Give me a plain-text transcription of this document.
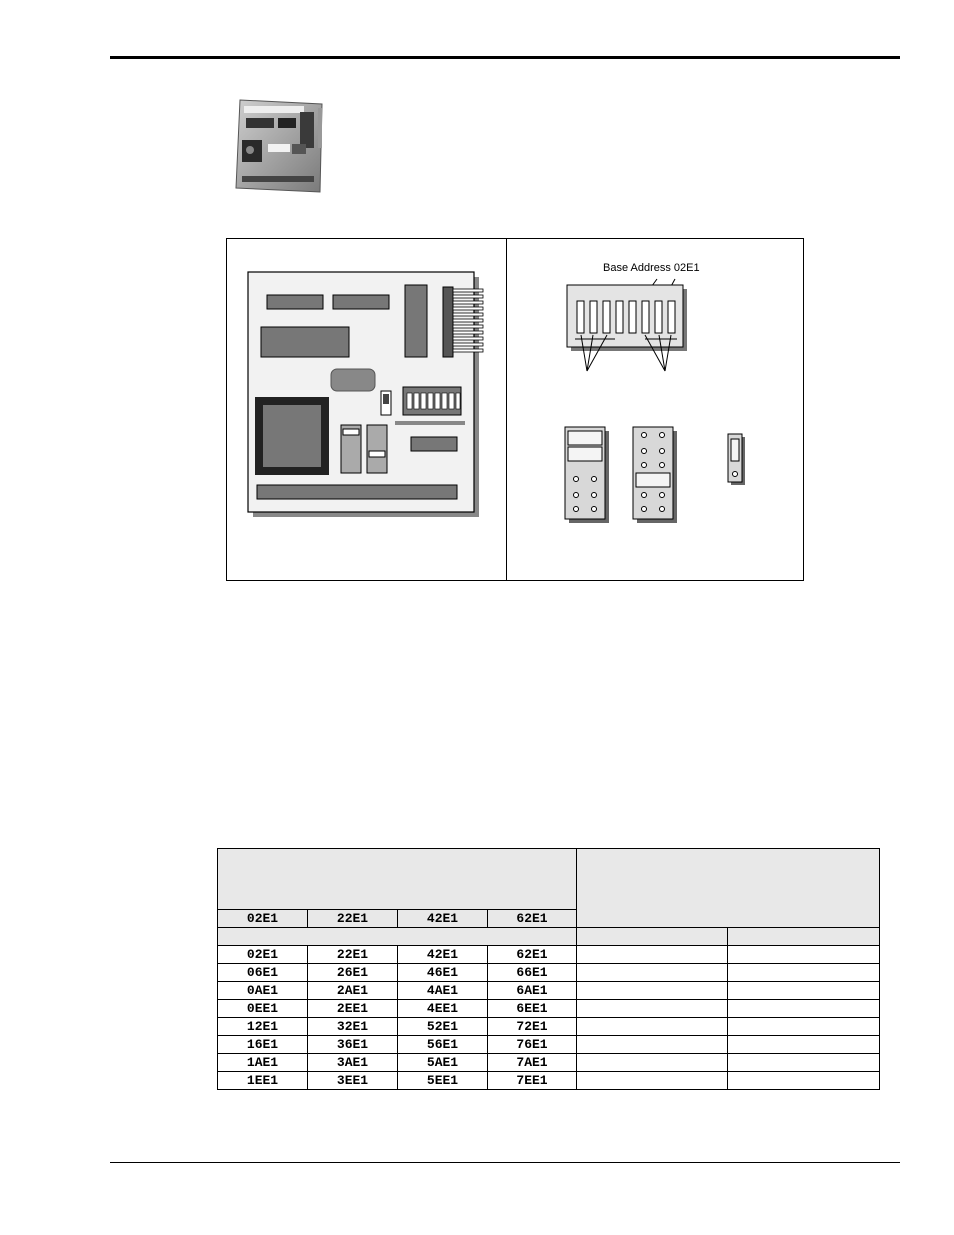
Base Address 02E1

02E1	22E1	42E1	62E1		

02E1	22E1	42E1	62E1		
06E1	26E1	46E1	66E1		
0AE1	2AE1	4AE1	6AE1		
0EE1	2EE1	4EE1	6EE1		
12E1	32E1	52E1	72E1		
16E1	36E1	56E1	76E1		
1AE1	3AE1	5AE1	7AE1		
1EE1	3EE1	5EE1	7EE1		
